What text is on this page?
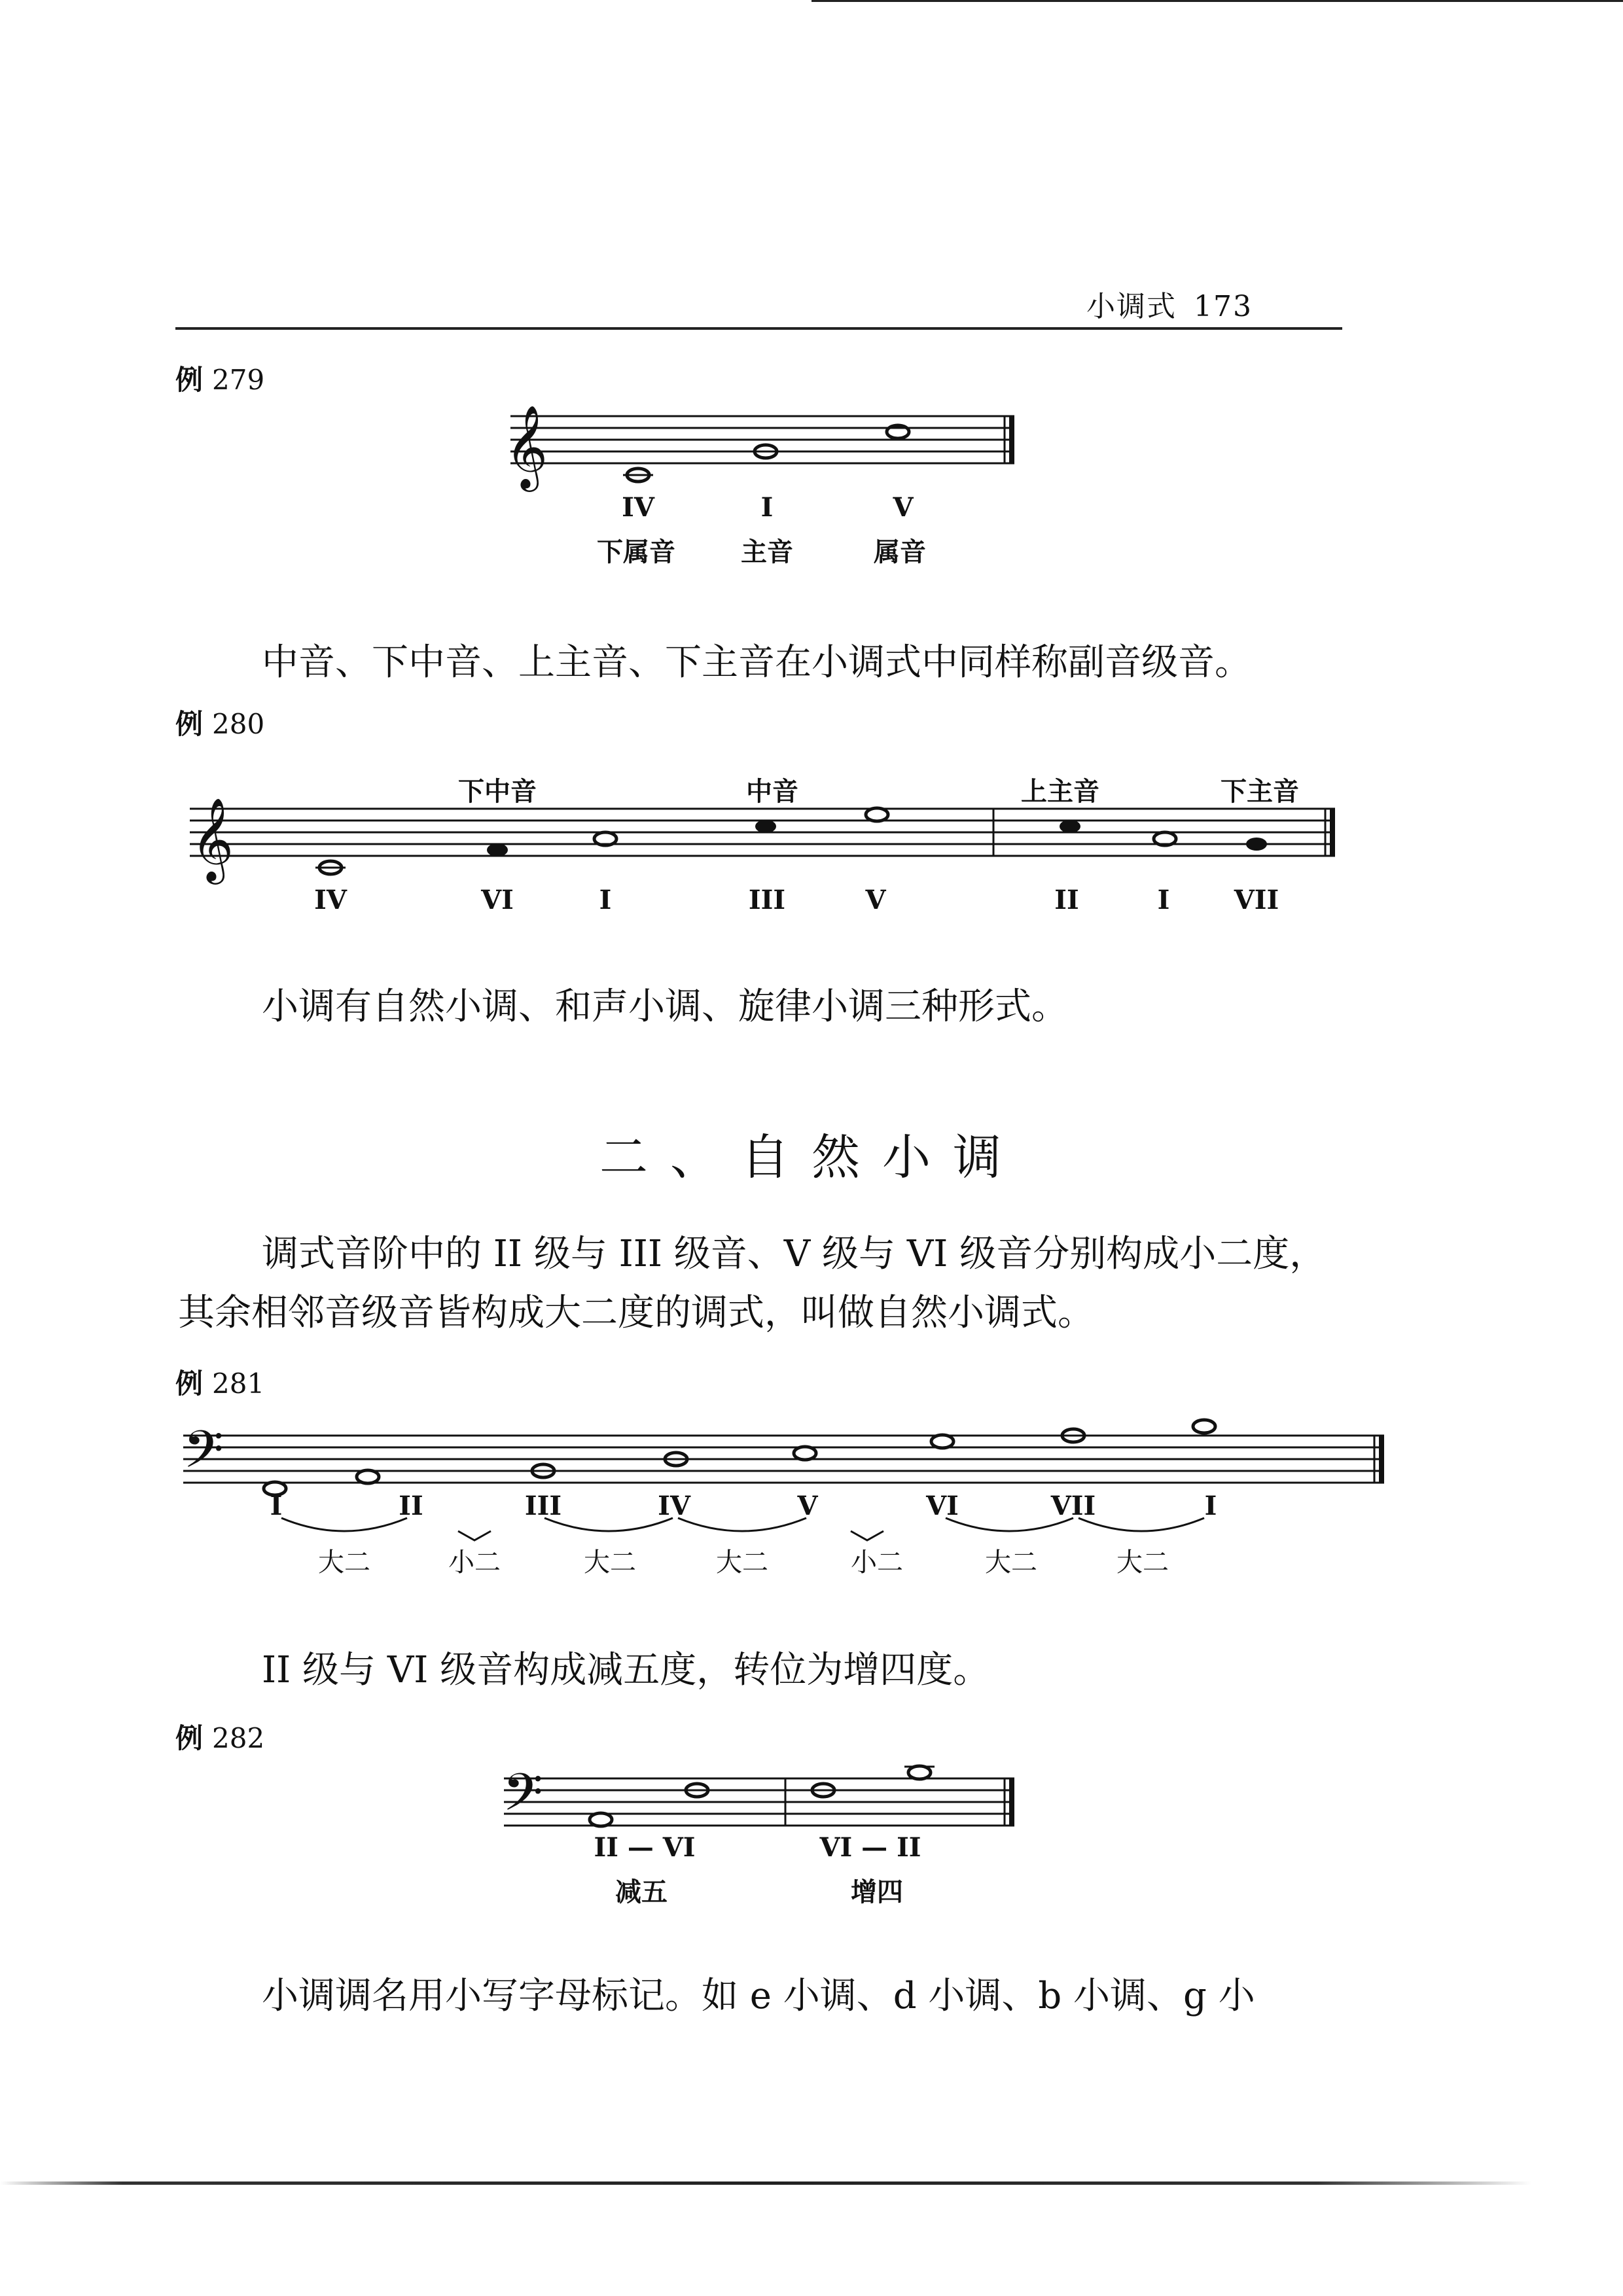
小调式 173
例 279
𝄞
IV	I	V
下属音	主音	属音
中音、下中音、上主音、下主音在小调式中同样称副音级音。
例 280
下中音	中音	上主音	下主音
𝄞
IV	VI	I	III	V	II	I VII
小调有自然小调、和声小调、旋律小调三种形式。
二、自然小调
调式音阶中的 II 级与 III 级音、V 级与 VI 级音分别构成小二度，
其余相邻音级音皆构成大二度的调式，叫做自然小调式。
例 281
𝄢
I	II	III	IV	V	VI	VII	I
大二	小二	大二	大二	小二	大二	大二
II 级与 VI 级音构成减五度，转位为增四度。
例 282
𝄢
II — VI	VI — II
减五	增四
小调调名用小写字母标记。如 e 小调、d 小调、b 小调、g 小
